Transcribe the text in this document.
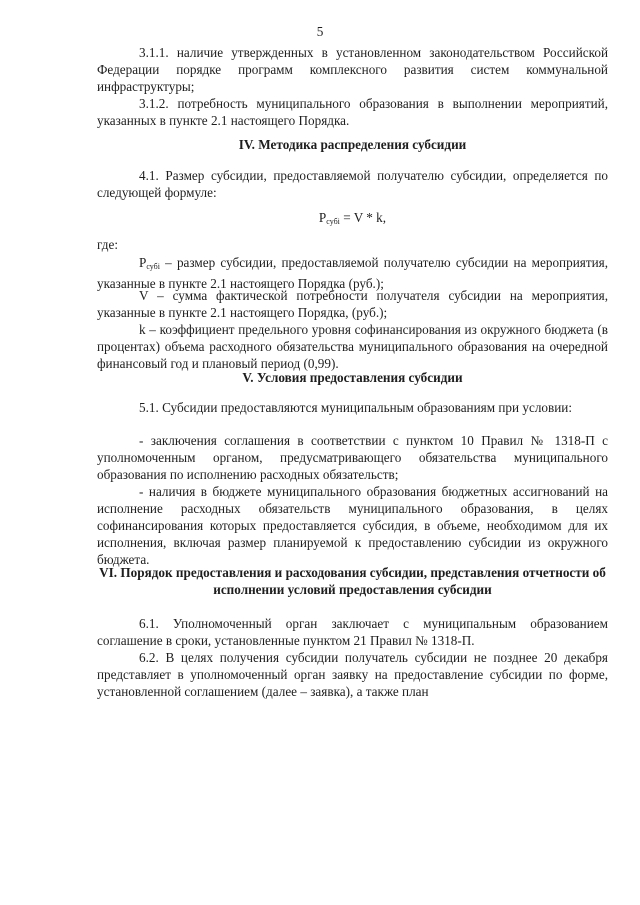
5

3.1.1. наличие утвержденных в установленном законодательством Российской Федерации порядке программ комплексного развития систем коммунальной инфраструктуры;

3.1.2. потребность муниципального образования в выполнении мероприятий, указанных в пункте 2.1 настоящего Порядка.

IV. Методика распределения субсидии

4.1. Размер субсидии, предоставляемой получателю субсидии, определяется по следующей формуле:

$P_{субi} = V * k$,

где:

$P_{субi}$ – размер субсидии, предоставляемой получателю субсидии на мероприятия, указанные в пункте 2.1 настоящего Порядка (руб.);

V – сумма фактической потребности получателя субсидии на мероприятия, указанные в пункте 2.1 настоящего Порядка, (руб.);

k – коэффициент предельного уровня софинансирования из окружного бюджета (в процентах) объема расходного обязательства муниципального образования на очередной финансовый год и плановый период (0,99).

V. Условия предоставления субсидии

5.1. Субсидии предоставляются муниципальным образованиям при условии:

- заключения соглашения в соответствии с пунктом 10 Правил № 1318-П с уполномоченным органом, предусматривающего обязательства муниципального образования по исполнению расходных обязательств;

- наличия в бюджете муниципального образования бюджетных ассигнований на исполнение расходных обязательств муниципального образования, в целях софинансирования которых предоставляется субсидия, в объеме, необходимом для их исполнения, включая размер планируемой к предоставлению субсидии из окружного бюджета.

VI. Порядок предоставления и расходования субсидии, представления отчетности об исполнении условий предоставления субсидии

6.1. Уполномоченный орган заключает с муниципальным образованием соглашение в сроки, установленные пунктом 21 Правил № 1318-П.

6.2. В целях получения субсидии получатель субсидии не позднее 20 декабря представляет в уполномоченный орган заявку на предоставление субсидии по форме, установленной соглашением (далее – заявка), а также план
